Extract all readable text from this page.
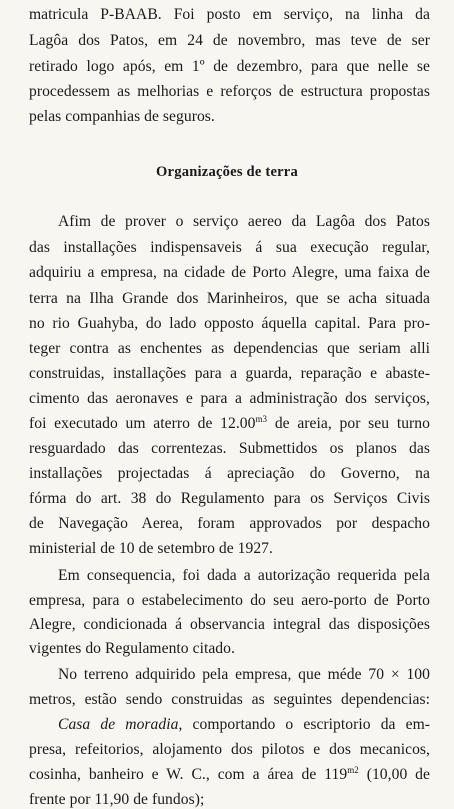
matricula P-BAAB. Foi posto em serviço, na linha da
Lagôa dos Patos, em 24 de novembro, mas teve de ser
retirado logo após, em 1º de dezembro, para que nelle se
procedessem as melhorias e reforços de estructura propostas
pelas companhias de seguros.
Organizações de terra
Afim de prover o serviço aereo da Lagôa dos Patos
das installações indispensaveis á sua execução regular,
adquiriu a empresa, na cidade de Porto Alegre, uma faixa de
terra na Ilha Grande dos Marinheiros, que se acha situada
no rio Guahyba, do lado opposto áquella capital. Para pro-
teger contra as enchentes as dependencias que seriam alli
construidas, installações para a guarda, reparação e abaste-
cimento das aeronaves e para a administração dos serviços,
foi executado um aterro de $12.00^{m3}$ de areia, por seu turno
resguardado das correntezas. Submettidos os planos das
installações projectadas á apreciação do Governo, na
fórma do art. 38 do Regulamento para os Serviços Civis
de Navegação Aerea, foram approvados por despacho
ministerial de 10 de setembro de 1927.
Em consequencia, foi dada a autorização requerida pela
empresa, para o estabelecimento do seu aero-porto de Porto
Alegre, condicionada á observancia integral das disposições
vigentes do Regulamento citado.
No terreno adquirido pela empresa, que méde 70 × 100
metros, estão sendo construidas as seguintes dependencias:
Casa de moradia, comportando o escriptorio da em-
presa, refeitorios, alojamento dos pilotos e dos mecanicos,
cosinha, banheiro e W. C., com a área de $119^{m2}$ (10,00 de
frente por 11,90 de fundos);
